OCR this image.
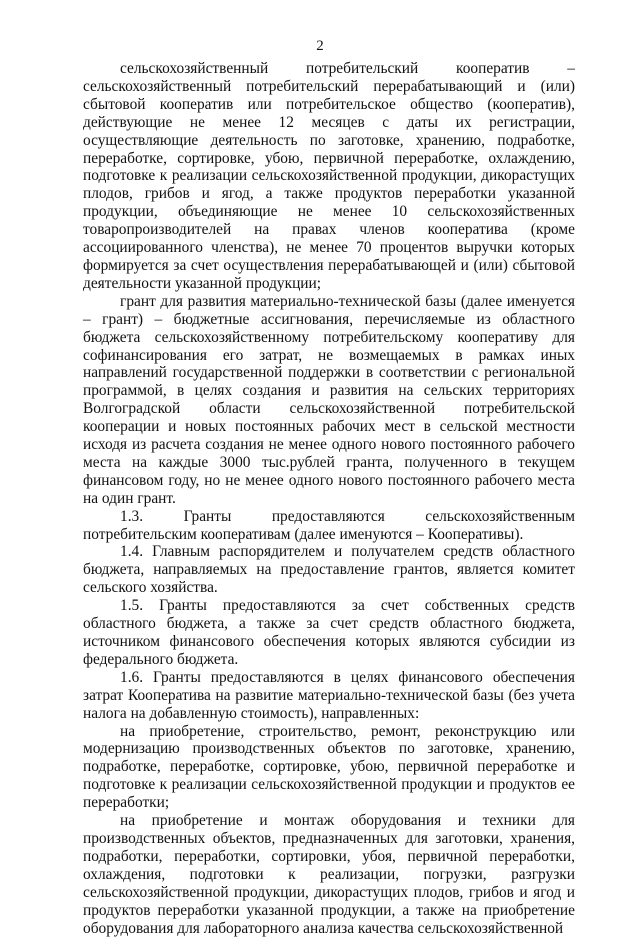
2

сельскохозяйственный потребительский кооператив – сельскохозяйственный потребительский перерабатывающий и (или) сбытовой кооператив или потребительское общество (кооператив), действующие не менее 12 месяцев с даты их регистрации, осуществляющие деятельность по заготовке, хранению, подработке, переработке, сортировке, убою, первичной переработке, охлаждению, подготовке к реализации сельскохозяйственной продукции, дикорастущих плодов, грибов и ягод, а также продуктов переработки указанной продукции, объединяющие не менее 10 сельскохозяйственных товаропроизводителей на правах членов кооператива (кроме ассоциированного членства), не менее 70 процентов выручки которых формируется за счет осуществления перерабатывающей и (или) сбытовой деятельности указанной продукции;

грант для развития материально-технической базы (далее именуется – грант) – бюджетные ассигнования, перечисляемые из областного бюджета сельскохозяйственному потребительскому кооперативу для софинансирования его затрат, не возмещаемых в рамках иных направлений государственной поддержки в соответствии с региональной программой, в целях создания и развития на сельских территориях Волгоградской области сельскохозяйственной потребительской кооперации и новых постоянных рабочих мест в сельской местности исходя из расчета создания не менее одного нового постоянного рабочего места на каждые 3000 тыс.рублей гранта, полученного в текущем финансовом году, но не менее одного нового постоянного рабочего места на один грант.

1.3. Гранты предоставляются сельскохозяйственным потребительским кооперативам (далее именуются – Кооперативы).

1.4. Главным распорядителем и получателем средств областного бюджета, направляемых на предоставление грантов, является комитет сельского хозяйства.

1.5. Гранты предоставляются за счет собственных средств областного бюджета, а также за счет средств областного бюджета, источником финансового обеспечения которых являются субсидии из федерального бюджета.

1.6. Гранты предоставляются в целях финансового обеспечения затрат Кооператива на развитие материально-технической базы (без учета налога на добавленную стоимость), направленных:

на приобретение, строительство, ремонт, реконструкцию или модернизацию производственных объектов по заготовке, хранению, подработке, переработке, сортировке, убою, первичной переработке и подготовке к реализации сельскохозяйственной продукции и продуктов ее переработки;

на приобретение и монтаж оборудования и техники для производственных объектов, предназначенных для заготовки, хранения, подработки, переработки, сортировки, убоя, первичной переработки, охлаждения, подготовки к реализации, погрузки, разгрузки сельскохозяйственной продукции, дикорастущих плодов, грибов и ягод и продуктов переработки указанной продукции, а также на приобретение оборудования для лабораторного анализа качества сельскохозяйственной
